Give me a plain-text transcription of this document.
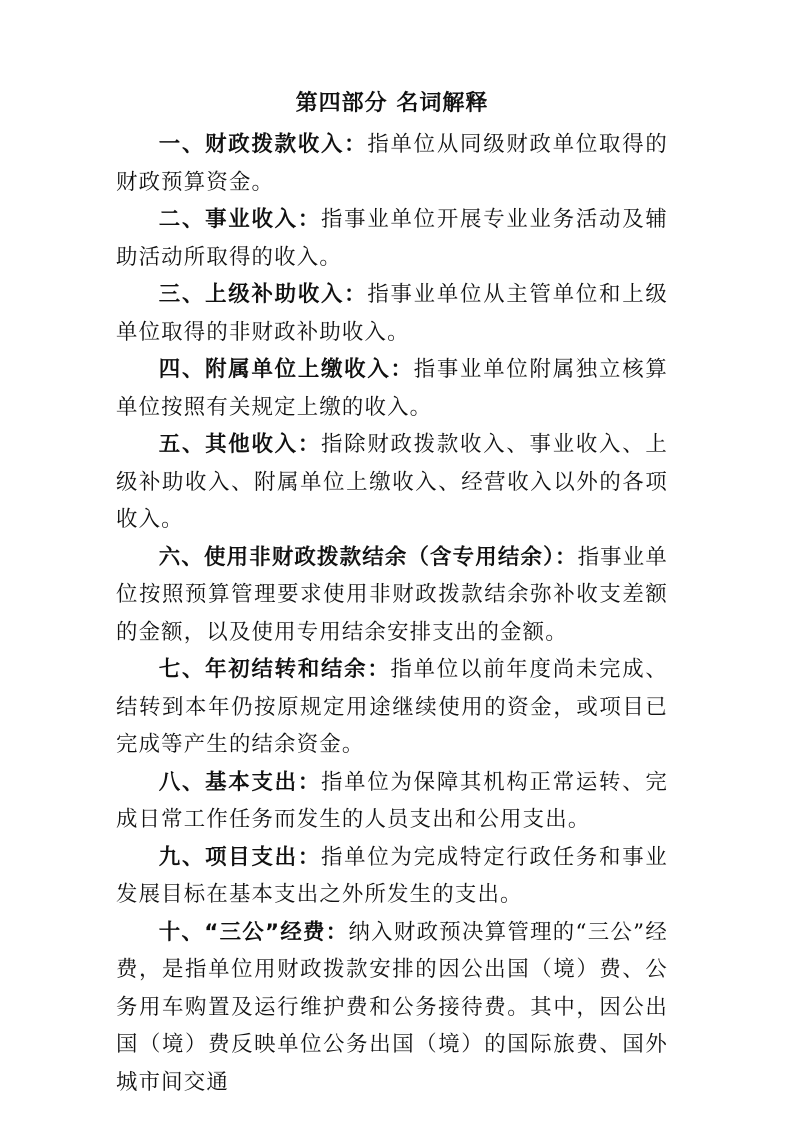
第四部分 名词解释

一、财政拨款收入：指单位从同级财政单位取得的财政预算资金。

二、事业收入：指事业单位开展专业业务活动及辅助活动所取得的收入。

三、上级补助收入：指事业单位从主管单位和上级单位取得的非财政补助收入。

四、附属单位上缴收入：指事业单位附属独立核算单位按照有关规定上缴的收入。

五、其他收入：指除财政拨款收入、事业收入、上级补助收入、附属单位上缴收入、经营收入以外的各项收入。

六、使用非财政拨款结余（含专用结余）：指事业单位按照预算管理要求使用非财政拨款结余弥补收支差额的金额，以及使用专用结余安排支出的金额。

七、年初结转和结余：指单位以前年度尚未完成、结转到本年仍按原规定用途继续使用的资金，或项目已完成等产生的结余资金。

八、基本支出：指单位为保障其机构正常运转、完成日常工作任务而发生的人员支出和公用支出。

九、项目支出：指单位为完成特定行政任务和事业发展目标在基本支出之外所发生的支出。

十、“三公”经费：纳入财政预决算管理的“三公”经费，是指单位用财政拨款安排的因公出国（境）费、公务用车购置及运行维护费和公务接待费。其中，因公出国（境）费反映单位公务出国（境）的国际旅费、国外城市间交通
